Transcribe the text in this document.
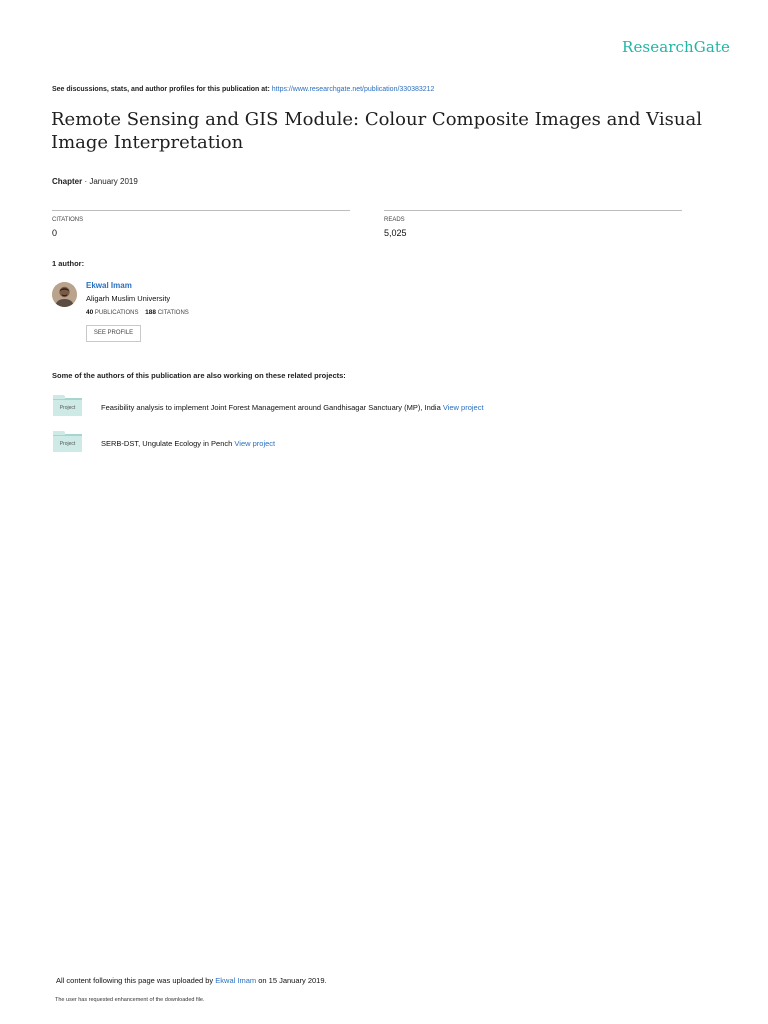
ResearchGate
See discussions, stats, and author profiles for this publication at: https://www.researchgate.net/publication/330383212
Remote Sensing and GIS Module: Colour Composite Images and Visual Image Interpretation
Chapter · January 2019
CITATIONS
0
READS
5,025
1 author:
Ekwal Imam
Aligarh Muslim University
40 PUBLICATIONS 188 CITATIONS
SEE PROFILE
Some of the authors of this publication are also working on these related projects:
Project	Feasibility analysis to implement Joint Forest Management around Gandhisagar Sanctuary (MP), India View project
Project	SERB-DST, Ungulate Ecology in Pench View project
All content following this page was uploaded by Ekwal Imam on 15 January 2019.
The user has requested enhancement of the downloaded file.
